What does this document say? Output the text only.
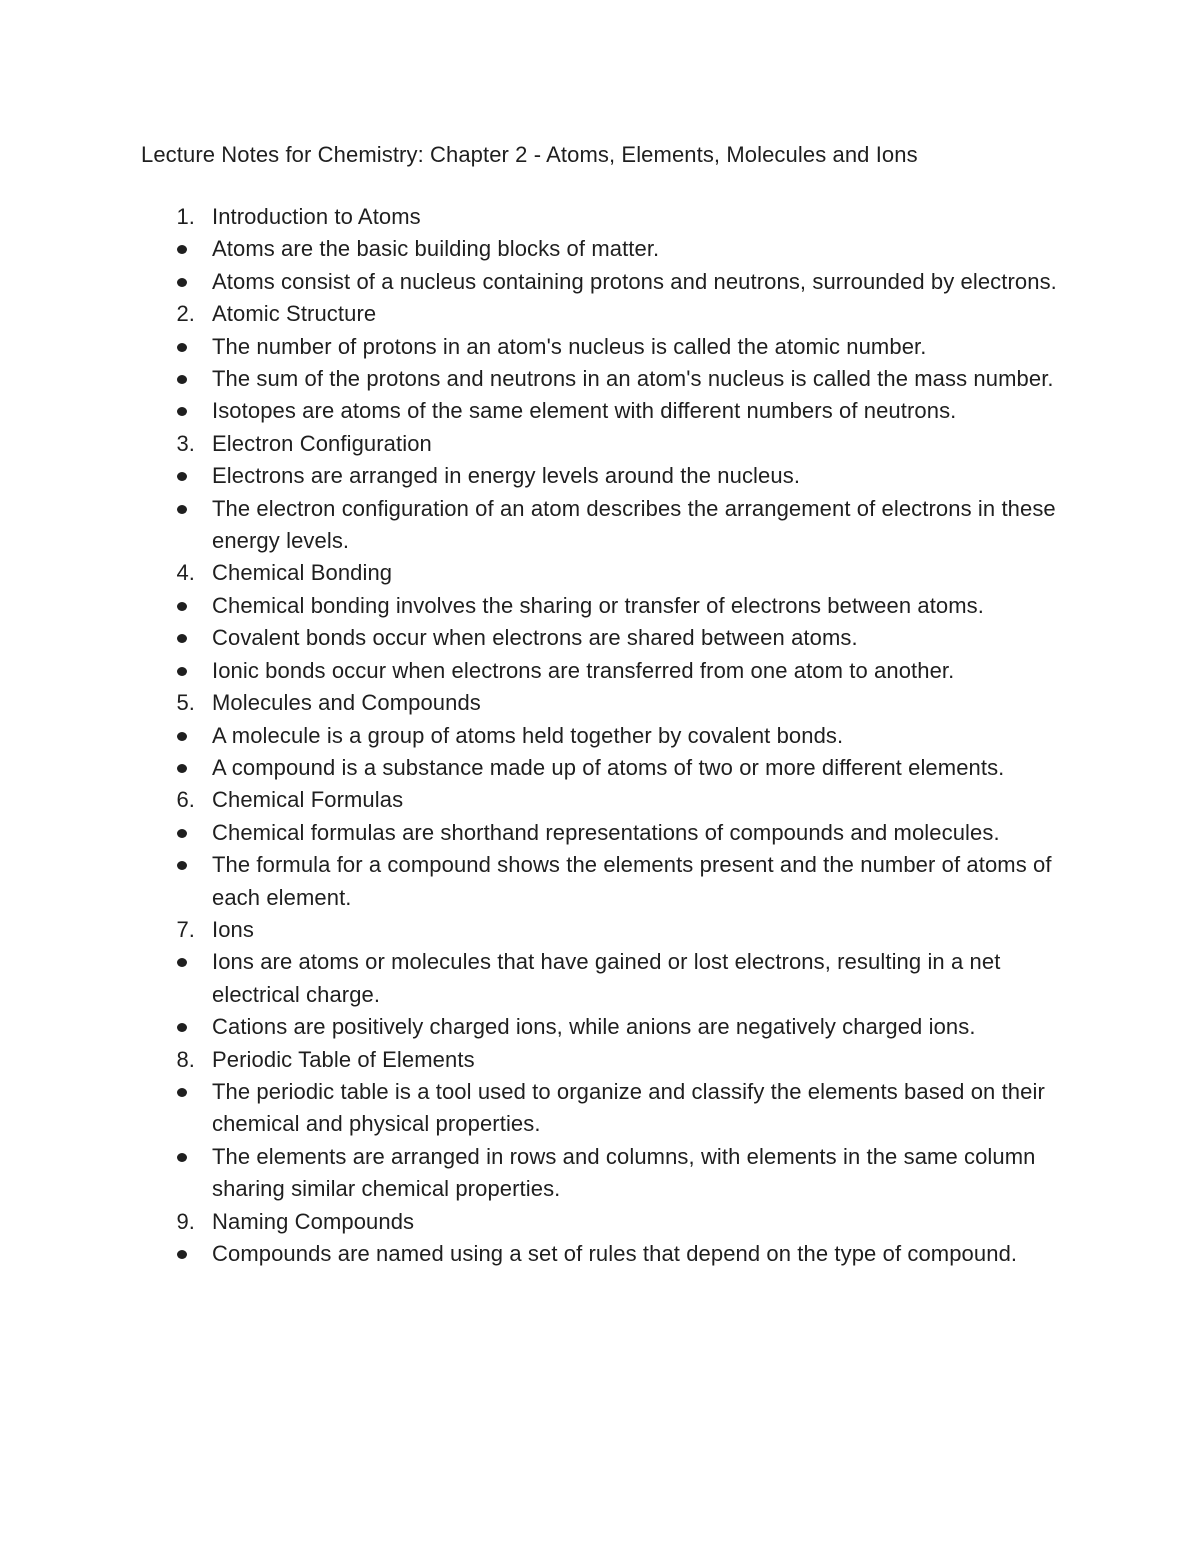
Lecture Notes for Chemistry: Chapter 2 - Atoms, Elements, Molecules and Ions
1. Introduction to Atoms
Atoms are the basic building blocks of matter.
Atoms consist of a nucleus containing protons and neutrons, surrounded by electrons.
2. Atomic Structure
The number of protons in an atom's nucleus is called the atomic number.
The sum of the protons and neutrons in an atom's nucleus is called the mass number.
Isotopes are atoms of the same element with different numbers of neutrons.
3. Electron Configuration
Electrons are arranged in energy levels around the nucleus.
The electron configuration of an atom describes the arrangement of electrons in these energy levels.
4. Chemical Bonding
Chemical bonding involves the sharing or transfer of electrons between atoms.
Covalent bonds occur when electrons are shared between atoms.
Ionic bonds occur when electrons are transferred from one atom to another.
5. Molecules and Compounds
A molecule is a group of atoms held together by covalent bonds.
A compound is a substance made up of atoms of two or more different elements.
6. Chemical Formulas
Chemical formulas are shorthand representations of compounds and molecules.
The formula for a compound shows the elements present and the number of atoms of each element.
7. Ions
Ions are atoms or molecules that have gained or lost electrons, resulting in a net electrical charge.
Cations are positively charged ions, while anions are negatively charged ions.
8. Periodic Table of Elements
The periodic table is a tool used to organize and classify the elements based on their chemical and physical properties.
The elements are arranged in rows and columns, with elements in the same column sharing similar chemical properties.
9. Naming Compounds
Compounds are named using a set of rules that depend on the type of compound.
